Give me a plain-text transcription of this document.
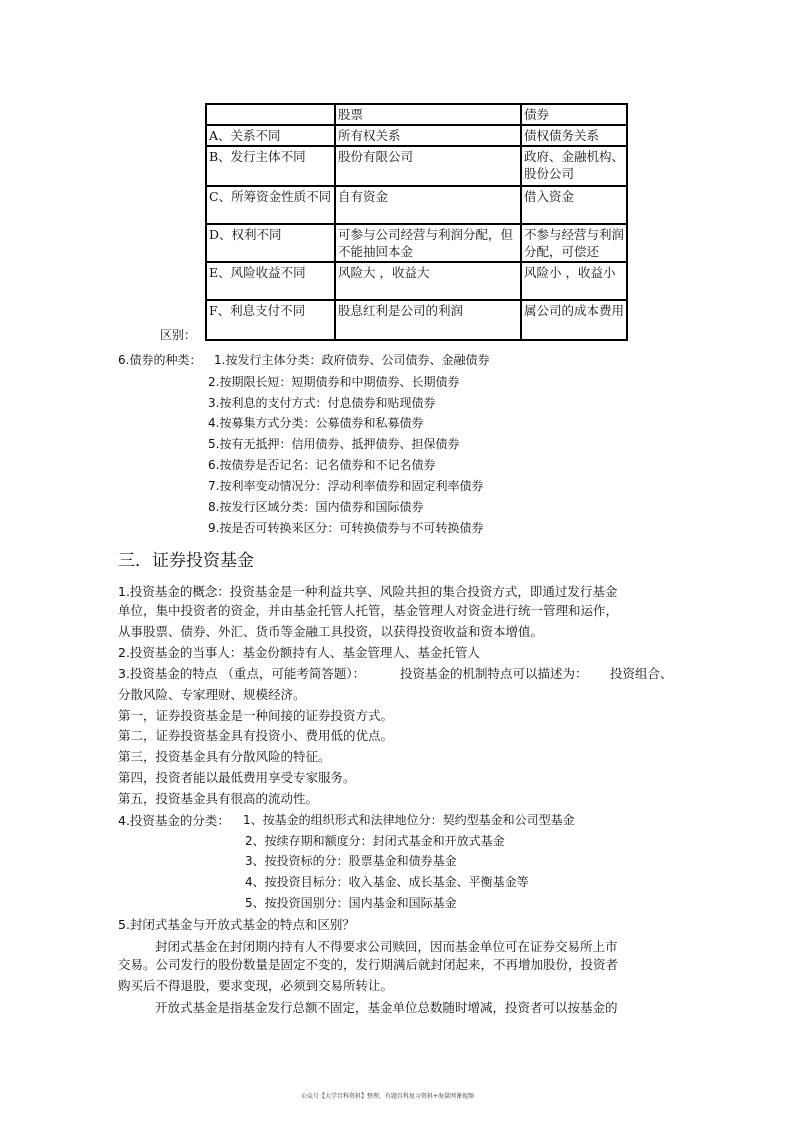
	股票	债券
A、关系不同	所有权关系	债权债务关系
B、发行主体不同	股份有限公司	政府、金融机构、股份公司
C、所筹资金性质不同	自有资金	借入资金
D、权利不同	可参与公司经营与利润分配，但不能抽回本金	不参与经营与利润分配，可偿还
E、风险收益不同	风险大 ，收益大	风险小 ，收益小
F、利息支付不同	股息红利是公司的利润	属公司的成本费用
区别：
6.债券的种类： 1.按发行主体分类：政府债券、公司债券、金融债券
2.按期限长短：短期债券和中期债券、长期债券
3.按利息的支付方式：付息债券和贴现债券
4.按募集方式分类：公募债券和私募债券
5.按有无抵押：信用债券、抵押债券、担保债券
6.按债券是否记名：记名债券和不记名债券
7.按利率变动情况分：浮动利率债券和固定利率债券
8.按发行区域分类：国内债券和国际债券
9.按是否可转换来区分：可转换债券与不可转换债券
三．证券投资基金
1.投资基金的概念：投资基金是一种利益共享、风险共担的集合投资方式，即通过发行基金
单位，集中投资者的资金，并由基金托管人托管，基金管理人对资金进行统一管理和运作，
从事股票、债券、外汇、货币等金融工具投资，以获得投资收益和资本增值。
2.投资基金的当事人：基金份额持有人、基金管理人、基金托管人
3.投资基金的特点 （重点，可能考简答题）：	投资基金的机制特点可以描述为： 投资组合、
分散风险、专家理财、规模经济。
第一，证券投资基金是一种间接的证券投资方式。
第二，证券投资基金具有投资小、费用低的优点。
第三，投资基金具有分散风险的特征。
第四，投资者能以最低费用享受专家服务。
第五，投资基金具有很高的流动性。
4.投资基金的分类： 1、按基金的组织形式和法律地位分：契约型基金和公司型基金
2、按续存期和额度分：封闭式基金和开放式基金
3、按投资标的分：股票基金和债券基金
4、按投资目标分：收入基金、成长基金、平衡基金等
5、按投资国别分：国内基金和国际基金
5.封闭式基金与开放式基金的特点和区别？
封闭式基金在封闭期内持有人不得要求公司赎回，因而基金单位可在证券交易所上市
交易。公司发行的股份数量是固定不变的，发行期满后就封闭起来，不再增加股份，投资者
购买后不得退股，要求变现，必须到交易所转让。
开放式基金是指基金发行总额不固定，基金单位总数随时增减，投资者可以按基金的
公众号【大学百科资料】整理，有题百科复习资料+海量网课视频
